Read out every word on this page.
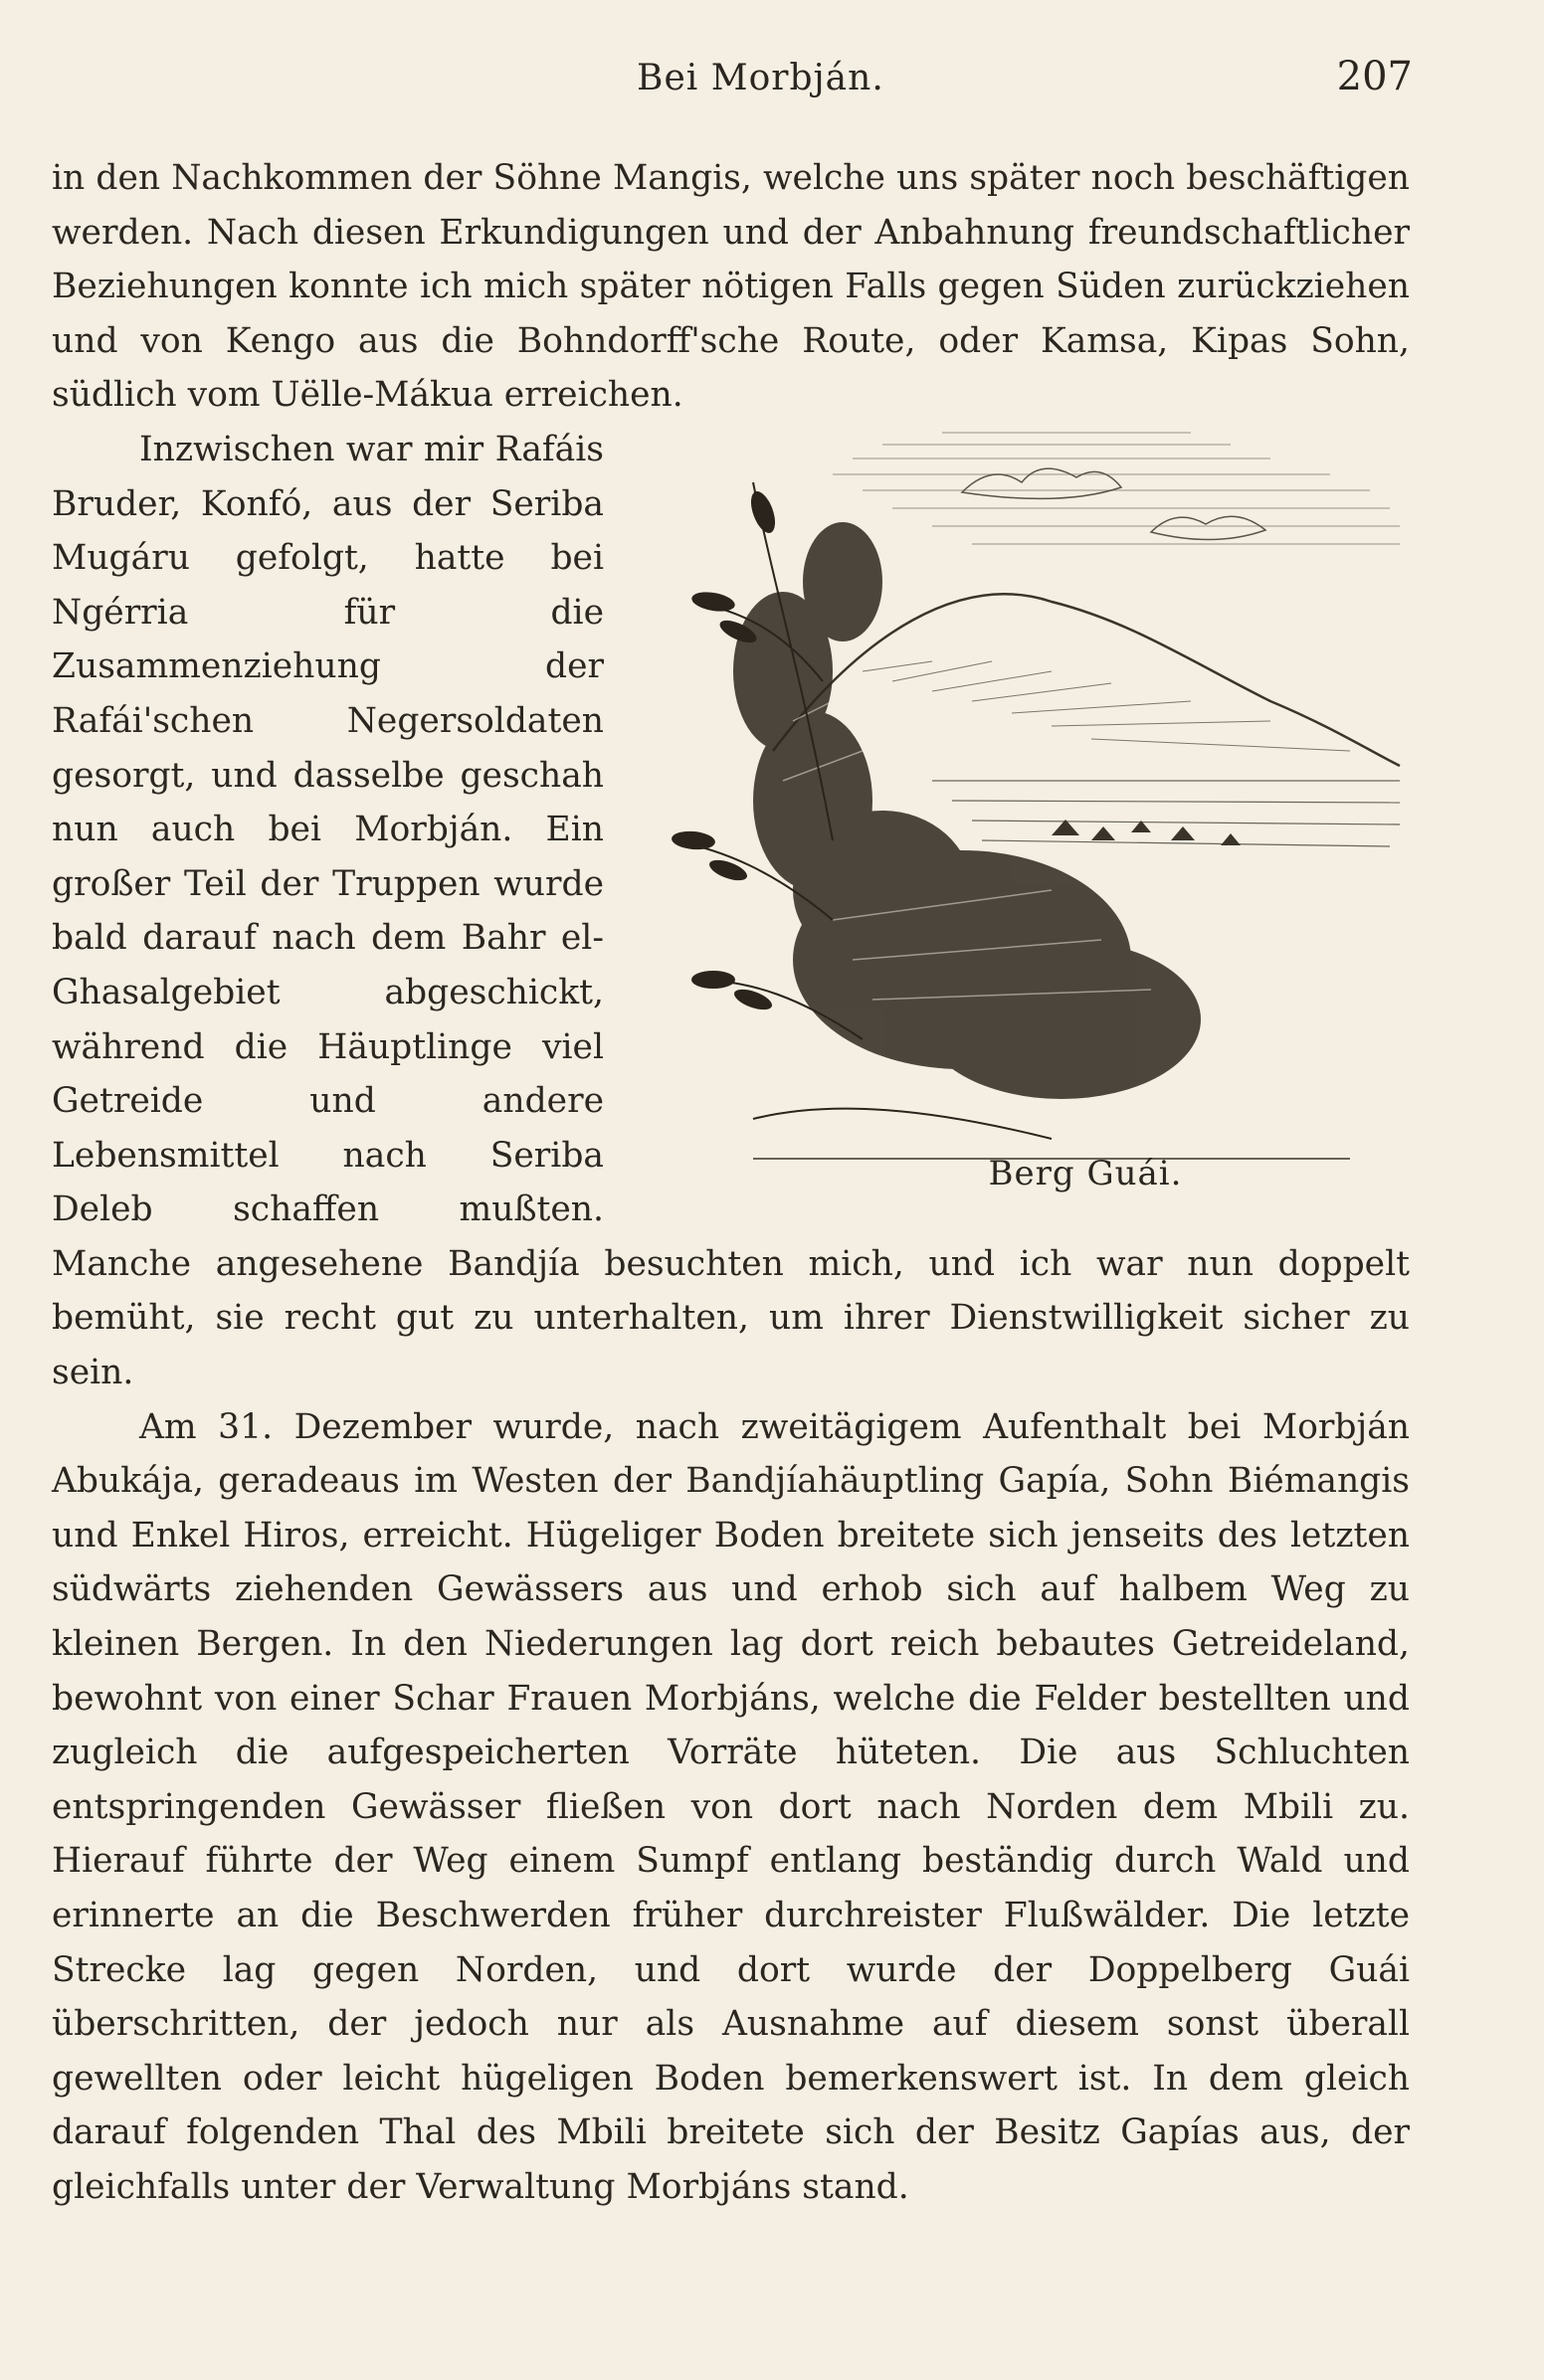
Bei Morbján.	207

in den Nachkommen der Söhne Mangis, welche uns später noch beschäftigen werden. Nach diesen Erkundigungen und der Anbahnung freundschaftlicher Beziehungen konnte ich mich später nötigen Falls gegen Süden zurückziehen und von Kengo aus die Bohndorff'sche Route, oder Kamsa, Kipas Sohn, südlich vom Uëlle-Mákua erreichen.

Berg Guái.
Inzwischen war mir Rafáis Bruder, Konfó, aus der Seriba Mugáru gefolgt, hatte bei Ngérria für die Zusammenziehung der Rafái'schen Negersoldaten gesorgt, und dasselbe geschah nun auch bei Morbján. Ein großer Teil der Truppen wurde bald darauf nach dem Bahr el-Ghasalgebiet abgeschickt, während die Häuptlinge viel Getreide und andere Lebensmittel nach Seriba Deleb schaffen mußten. Manche angesehene Bandjía besuchten mich, und ich war nun doppelt bemüht, sie recht gut zu unterhalten, um ihrer Dienstwilligkeit sicher zu sein.

Am 31. Dezember wurde, nach zweitägigem Aufenthalt bei Morbján Abukája, geradeaus im Westen der Bandjíahäuptling Gapía, Sohn Biémangis und Enkel Hiros, erreicht. Hügeliger Boden breitete sich jenseits des letzten südwärts ziehenden Gewässers aus und erhob sich auf halbem Weg zu kleinen Bergen. In den Niederungen lag dort reich bebautes Getreideland, bewohnt von einer Schar Frauen Morbjáns, welche die Felder bestellten und zugleich die aufgespeicherten Vorräte hüteten. Die aus Schluchten entspringenden Gewässer fließen von dort nach Norden dem Mbili zu. Hierauf führte der Weg einem Sumpf entlang beständig durch Wald und erinnerte an die Beschwerden früher durchreister Flußwälder. Die letzte Strecke lag gegen Norden, und dort wurde der Doppelberg Guái überschritten, der jedoch nur als Ausnahme auf diesem sonst überall gewellten oder leicht hügeligen Boden bemerkenswert ist. In dem gleich darauf folgenden Thal des Mbili breitete sich der Besitz Gapías aus, der gleichfalls unter der Verwaltung Morbjáns stand.
